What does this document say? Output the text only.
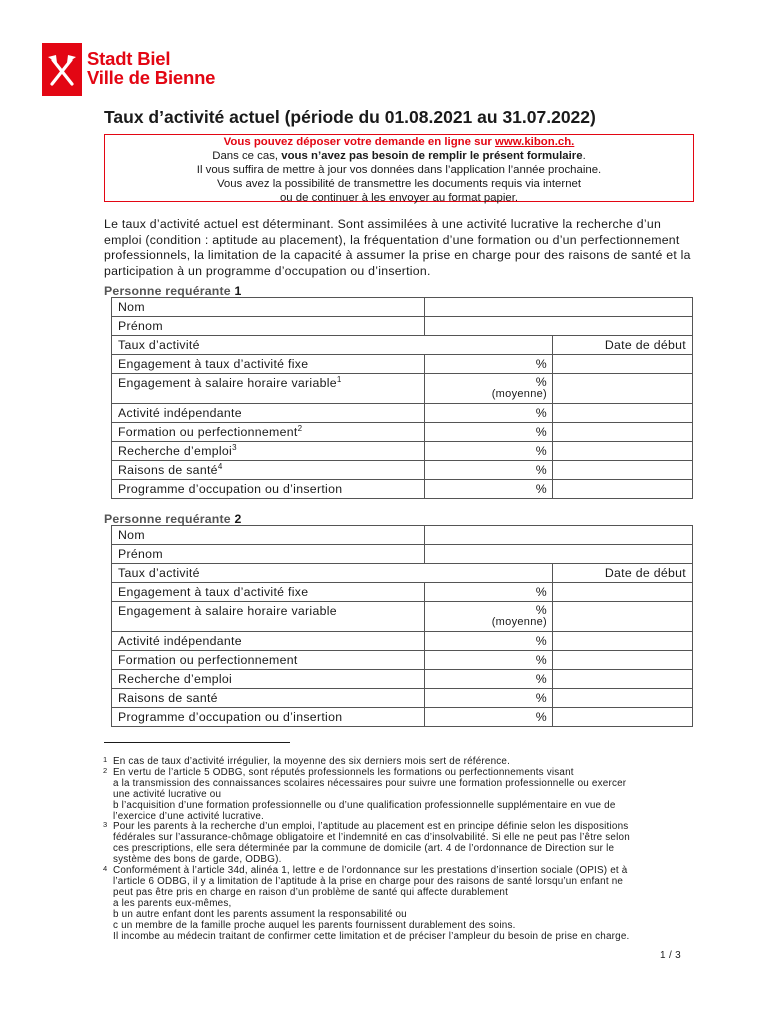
Stadt Biel
Ville de Bienne
Taux d’activité actuel (période du 01.08.2021 au 31.07.2022)
Vous pouvez déposer votre demande en ligne sur www.kibon.ch.
Dans ce cas, vous n’avez pas besoin de remplir le présent formulaire.
Il vous suffira de mettre à jour vos données dans l’application l’année prochaine.
Vous avez la possibilité de transmettre les documents requis via internet
ou de continuer à les envoyer au format papier.
Le taux d’activité actuel est déterminant. Sont assimilées à une activité lucrative la recherche d’un emploi (condition : aptitude au placement), la fréquentation d’une formation ou d’un perfectionnement professionnels, la limitation de la capacité à assumer la prise en charge pour des raisons de santé et la participation à un programme d’occupation ou d’insertion.
Personne requérante 1
Nom		
Prénom		
Taux d’activité		Date de début
Engagement à taux d’activité fixe	%	
Engagement à salaire horaire variable$^1$	%
(moyenne)	

Activité indépendante	%	
Formation ou perfectionnement$^2$	%	
Recherche d’emploi$^3$	%	
Raisons de santé$^4$	%	
Programme d’occupation ou d’insertion	%	
Personne requérante 2
Nom		
Prénom		
Taux d’activité		Date de début
Engagement à taux d’activité fixe	%	
Engagement à salaire horaire variable	%
(moyenne)	

Activité indépendante	%	
Formation ou perfectionnement	%	
Recherche d’emploi	%	
Raisons de santé	%	
Programme d’occupation ou d’insertion	%	
1 En cas de taux d’activité irrégulier, la moyenne des six derniers mois sert de référence.
2 En vertu de l’article 5 ODBG, sont réputés professionnels les formations ou perfectionnements visant
a la transmission des connaissances scolaires nécessaires pour suivre une formation professionnelle ou exercer
une activité lucrative ou
b l’acquisition d’une formation professionnelle ou d’une qualification professionnelle supplémentaire en vue de
l’exercice d’une activité lucrative.
3 Pour les parents à la recherche d’un emploi, l’aptitude au placement est en principe définie selon les dispositions
fédérales sur l’assurance-chômage obligatoire et l’indemnité en cas d’insolvabilité. Si elle ne peut pas l’être selon
ces prescriptions, elle sera déterminée par la commune de domicile (art. 4 de l’ordonnance de Direction sur le
système des bons de garde, ODBG).
4 Conformément à l’article 34d, alinéa 1, lettre e de l’ordonnance sur les prestations d’insertion sociale (OPIS) et à
l’article 6 ODBG, il y a limitation de l’aptitude à la prise en charge pour des raisons de santé lorsqu’un enfant ne
peut pas être pris en charge en raison d’un problème de santé qui affecte durablement
a les parents eux-mêmes,
b un autre enfant dont les parents assument la responsabilité ou
c un membre de la famille proche auquel les parents fournissent durablement des soins.
Il incombe au médecin traitant de confirmer cette limitation et de préciser l’ampleur du besoin de prise en charge.
1 / 3
